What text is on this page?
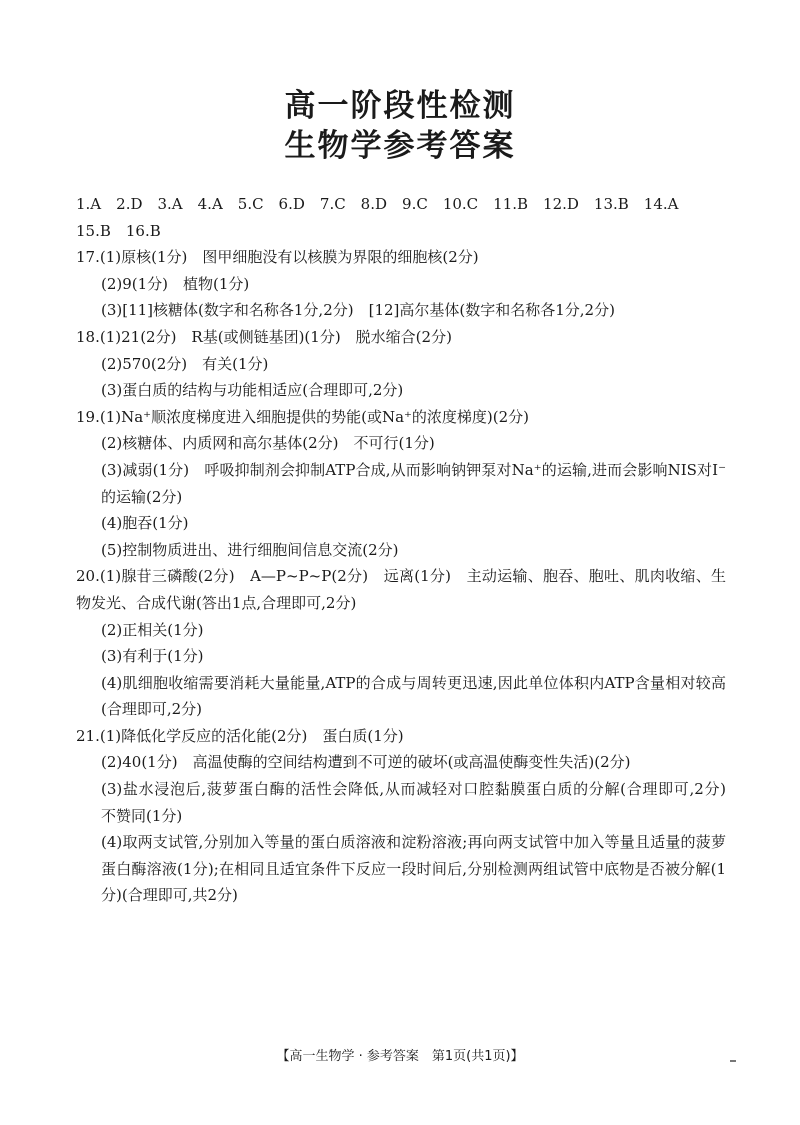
高一阶段性检测
生物学参考答案
1.A　2.D　3.A　4.A　5.C　6.D　7.C　8.D　9.C　10.C　11.B　12.D　13.B　14.A
15.B　16.B
17.(1)原核(1分)　图甲细胞没有以核膜为界限的细胞核(2分)
(2)9(1分)　植物(1分)
(3)[11]核糖体(数字和名称各1分,2分)　[12]高尔基体(数字和名称各1分,2分)
18.(1)21(2分)　R基(或侧链基团)(1分)　脱水缩合(2分)
(2)570(2分)　有关(1分)
(3)蛋白质的结构与功能相适应(合理即可,2分)
19.(1)Na⁺顺浓度梯度进入细胞提供的势能(或Na⁺的浓度梯度)(2分)
(2)核糖体、内质网和高尔基体(2分)　不可行(1分)
(3)减弱(1分)　呼吸抑制剂会抑制ATP合成,从而影响钠钾泵对Na⁺的运输,进而会影响NIS对I⁻的运输(2分)
(4)胞吞(1分)
(5)控制物质进出、进行细胞间信息交流(2分)
20.(1)腺苷三磷酸(2分)　A—P~P~P(2分)　远离(1分)　主动运输、胞吞、胞吐、肌肉收缩、生物发光、合成代谢(答出1点,合理即可,2分)
(2)正相关(1分)
(3)有利于(1分)
(4)肌细胞收缩需要消耗大量能量,ATP的合成与周转更迅速,因此单位体积内ATP含量相对较高(合理即可,2分)
21.(1)降低化学反应的活化能(2分)　蛋白质(1分)
(2)40(1分)　高温使酶的空间结构遭到不可逆的破坏(或高温使酶变性失活)(2分)
(3)盐水浸泡后,菠萝蛋白酶的活性会降低,从而减轻对口腔黏膜蛋白质的分解(合理即可,2分)　不赞同(1分)
(4)取两支试管,分别加入等量的蛋白质溶液和淀粉溶液;再向两支试管中加入等量且适量的菠萝蛋白酶溶液(1分);在相同且适宜条件下反应一段时间后,分别检测两组试管中底物是否被分解(1分)(合理即可,共2分)
【高一生物学 · 参考答案　第1页(共1页)】
